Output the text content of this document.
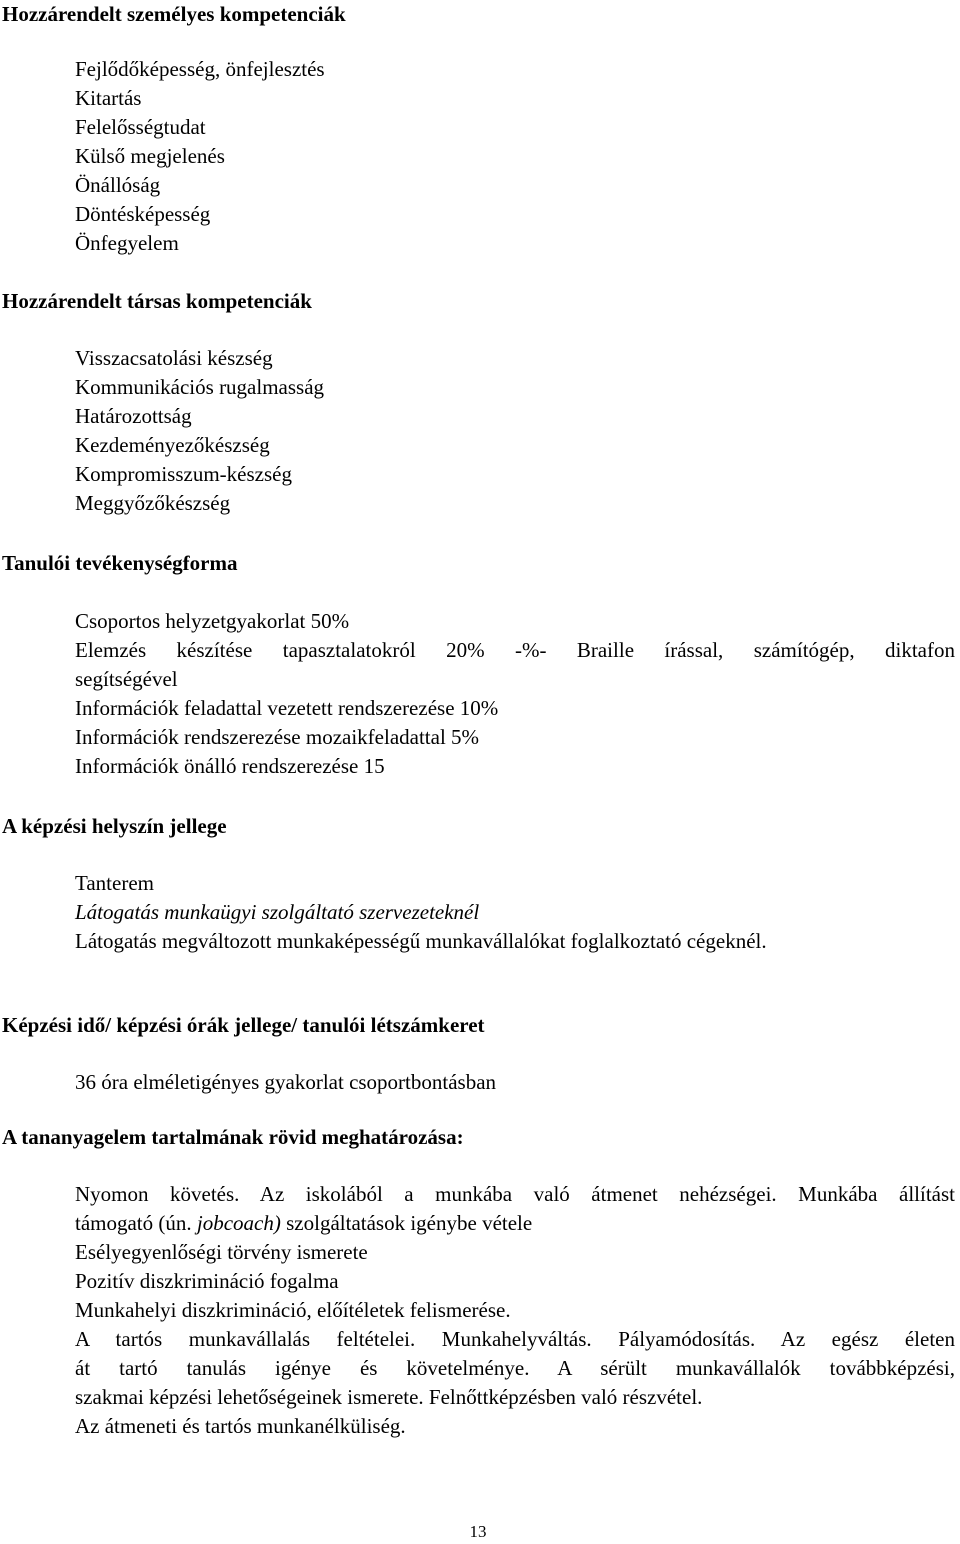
Hozzárendelt személyes kompetenciák
Fejlődőképesség, önfejlesztés
Kitartás
Felelősségtudat
Külső megjelenés
Önállóság
Döntésképesség
Önfegyelem
Hozzárendelt társas kompetenciák
Visszacsatolási készség
Kommunikációs rugalmasság
Határozottság
Kezdeményezőkészség
Kompromisszum-készség
Meggyőzőkészség
Tanulói tevékenységforma
Csoportos helyzetgyakorlat 50%
Elemzés készítése tapasztalatokról 20% -%- Braille írással, számítógép, diktafon
segítségével
Információk feladattal vezetett rendszerezése 10%
Információk rendszerezése mozaikfeladattal 5%
Információk önálló rendszerezése 15
A képzési helyszín jellege
Tanterem
Látogatás munkaügyi szolgáltató szervezeteknél
Látogatás megváltozott munkaképességű munkavállalókat foglalkoztató cégeknél.
Képzési idő/ képzési órák jellege/ tanulói létszámkeret
36 óra elméletigényes gyakorlat csoportbontásban
A tananyagelem tartalmának rövid meghatározása:
Nyomon követés. Az iskolából a munkába való átmenet nehézségei. Munkába állítást
támogató (ún. jobcoach) szolgáltatások igénybe vétele
Esélyegyenlőségi törvény ismerete
Pozitív diszkrimináció fogalma
Munkahelyi diszkrimináció, előítéletek felismerése.
A tartós munkavállalás feltételei. Munkahelyváltás. Pályamódosítás. Az egész életen
át tartó tanulás igénye és követelménye. A sérült munkavállalók továbbképzési,
szakmai képzési lehetőségeinek ismerete. Felnőttképzésben való részvétel.
Az átmeneti és tartós munkanélküliség.
13
